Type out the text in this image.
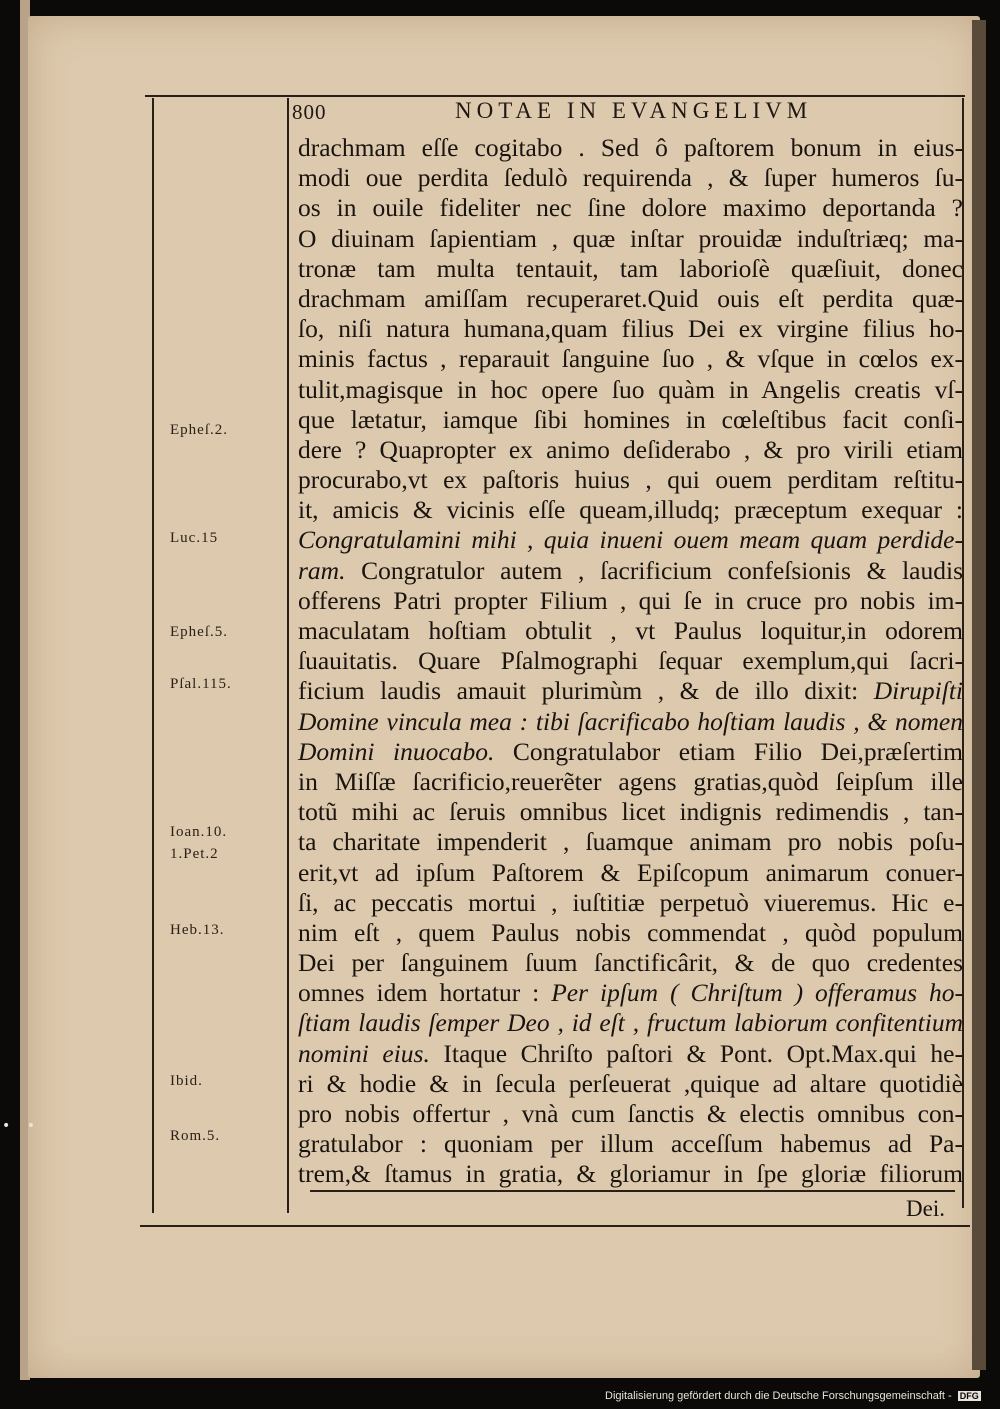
800	NOTAE IN EVANGELIVM
drachmam eſſe cogitabo . Sed ô paſtorem bonum in eius-
modi oue perdita ſedulò requirenda , & ſuper humeros ſu-
os in ouile fideliter nec ſine dolore maximo deportanda ?
O diuinam ſapientiam , quæ inſtar prouidæ induſtriæq; ma-
tronæ tam multa tentauit, tam laborioſè quæſiuit, donec
drachmam amiſſam recuperaret.Quid ouis eſt perdita quæ-
ſo, niſi natura humana,quam filius Dei ex virgine filius ho-
minis factus , reparauit ſanguine ſuo , & vſque in cœlos ex-
tulit,magisque in hoc opere ſuo quàm in Angelis creatis vſ-
que lætatur, iamque ſibi homines in cœleſtibus facit conſi-
dere ? Quapropter ex animo deſiderabo , & pro virili etiam
procurabo,vt ex paſtoris huius , qui ouem perditam reſtitu-
it, amicis & vicinis eſſe queam,illudq; præceptum exequar :
Congratulamini mihi , quia inueni ouem meam quam perdide-
ram. Congratulor autem , ſacrificium confeſsionis & laudis
offerens Patri propter Filium , qui ſe in cruce pro nobis im-
maculatam hoſtiam obtulit , vt Paulus loquitur,in odorem
ſuauitatis. Quare Pſalmographi ſequar exemplum,qui ſacri-
ficium laudis amauit plurimùm , & de illo dixit: Dirupiſti
Domine vincula mea : tibi ſacrificabo hoſtiam laudis , & nomen
Domini inuocabo. Congratulabor etiam Filio Dei,præſertim
in Miſſæ ſacrificio,reuerẽter agens gratias,quòd ſeipſum ille
totũ mihi ac ſeruis omnibus licet indignis redimendis , tan-
ta charitate impenderit , ſuamque animam pro nobis poſu-
erit,vt ad ipſum Paſtorem & Epiſcopum animarum conuer-
ſi, ac peccatis mortui , iuſtitiæ perpetuò viueremus. Hic e-
nim eſt , quem Paulus nobis commendat , quòd populum
Dei per ſanguinem ſuum ſanctificârit, & de quo credentes
omnes idem hortatur : Per ipſum ( Chriſtum ) offeramus ho-
ſtiam laudis ſemper Deo , id eſt , fructum labiorum confitentium
nomini eius. Itaque Chriſto paſtori & Pont. Opt.Max.qui he-
ri & hodie & in ſecula perſeuerat ,quique ad altare quotidiè
pro nobis offertur , vnà cum ſanctis & electis omnibus con-
gratulabor : quoniam per illum acceſſum habemus ad Pa-
trem,& ſtamus in gratia, & gloriamur in ſpe gloriæ filiorum
Epheſ.2.
Luc.15
Epheſ.5.
Pſal.115.
Ioan.10.
1.Pet.2
Heb.13.
Ibid.
Rom.5.
Dei.
• •
Digitalisierung gefördert durch die Deutsche Forschungsgemeinschaft - DFG
